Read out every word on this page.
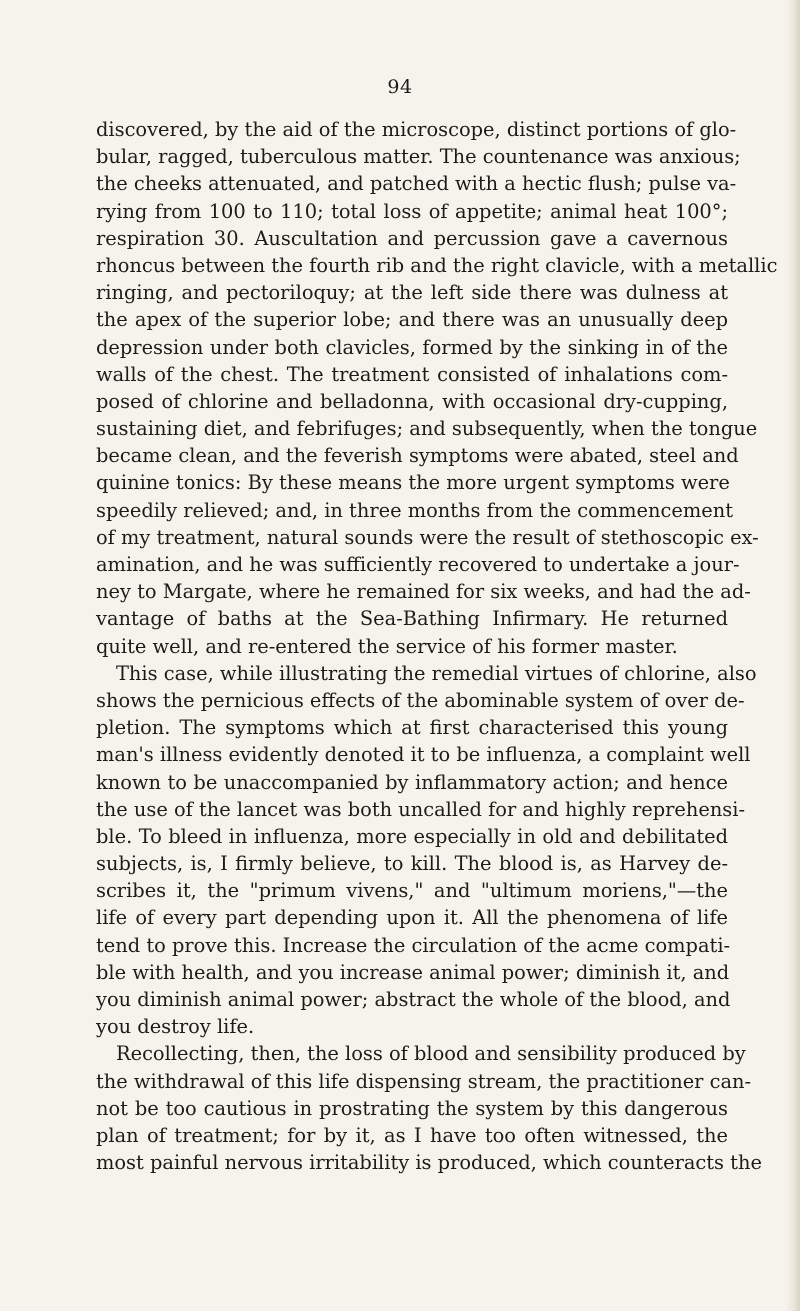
94
discovered, by the aid of the microscope, distinct portions of glo-
bular, ragged, tuberculous matter. The countenance was anxious;
the cheeks attenuated, and patched with a hectic flush; pulse va-
rying from 100 to 110; total loss of appetite; animal heat 100°;
respiration 30. Auscultation and percussion gave a cavernous
rhoncus between the fourth rib and the right clavicle, with a metallic
ringing, and pectoriloquy; at the left side there was dulness at
the apex of the superior lobe; and there was an unusually deep
depression under both clavicles, formed by the sinking in of the
walls of the chest. The treatment consisted of inhalations com-
posed of chlorine and belladonna, with occasional dry-cupping,
sustaining diet, and febrifuges; and subsequently, when the tongue
became clean, and the feverish symptoms were abated, steel and
quinine tonics: By these means the more urgent symptoms were
speedily relieved; and, in three months from the commencement
of my treatment, natural sounds were the result of stethoscopic ex-
amination, and he was sufficiently recovered to undertake a jour-
ney to Margate, where he remained for six weeks, and had the ad-
vantage of baths at the Sea-Bathing Infirmary. He returned
quite well, and re-entered the service of his former master.
This case, while illustrating the remedial virtues of chlorine, also
shows the pernicious effects of the abominable system of over de-
pletion. The symptoms which at first characterised this young
man's illness evidently denoted it to be influenza, a complaint well
known to be unaccompanied by inflammatory action; and hence
the use of the lancet was both uncalled for and highly reprehensi-
ble. To bleed in influenza, more especially in old and debilitated
subjects, is, I firmly believe, to kill. The blood is, as Harvey de-
scribes it, the "primum vivens," and "ultimum moriens,"—the
life of every part depending upon it. All the phenomena of life
tend to prove this. Increase the circulation of the acme compati-
ble with health, and you increase animal power; diminish it, and
you diminish animal power; abstract the whole of the blood, and
you destroy life.
Recollecting, then, the loss of blood and sensibility produced by
the withdrawal of this life dispensing stream, the practitioner can-
not be too cautious in prostrating the system by this dangerous
plan of treatment; for by it, as I have too often witnessed, the
most painful nervous irritability is produced, which counteracts the
